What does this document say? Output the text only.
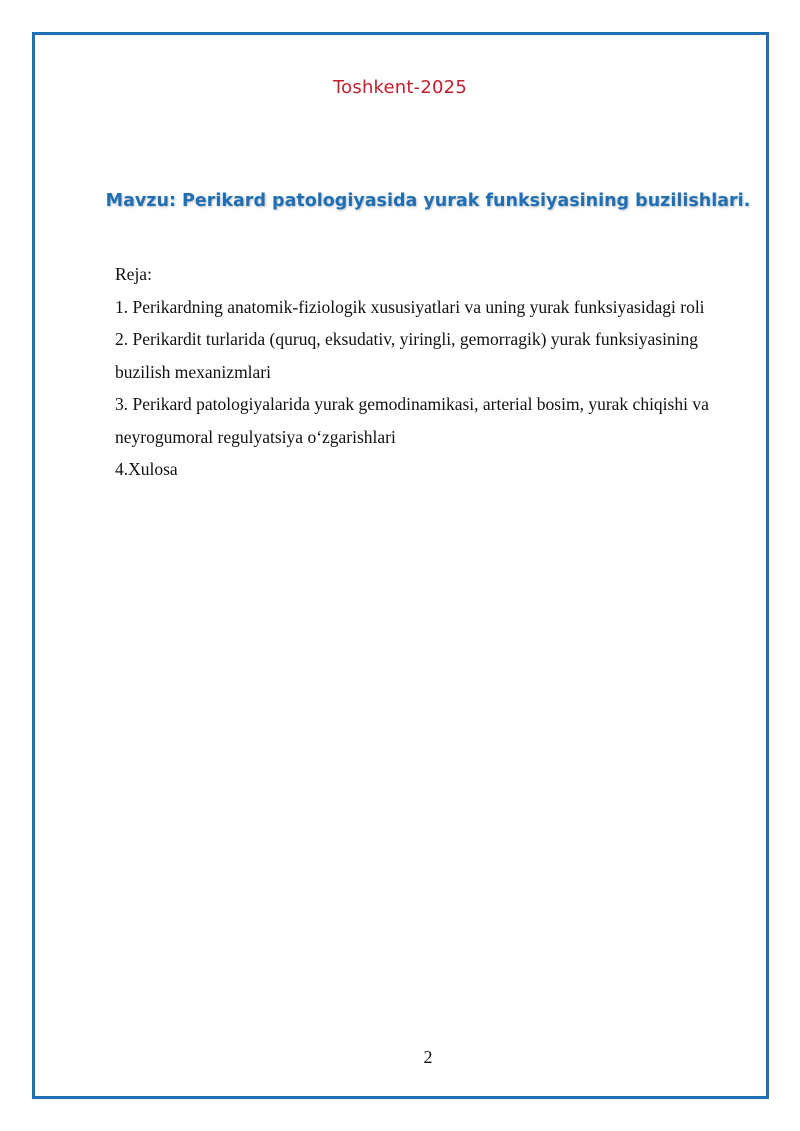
Toshkent-2025
Mavzu: Perikard patologiyasida yurak funksiyasining buzilishlari.

Reja:

1. Perikardning anatomik-fiziologik xususiyatlari va uning yurak funksiyasidagi roli

2. Perikardit turlarida (quruq, eksudativ, yiringli, gemorragik) yurak funksiyasining buzilish mexanizmlari

3. Perikard patologiyalarida yurak gemodinamikasi, arterial bosim, yurak chiqishi va neyrogumoral regulyatsiya o‘zgarishlari

4.Xulosa

2
